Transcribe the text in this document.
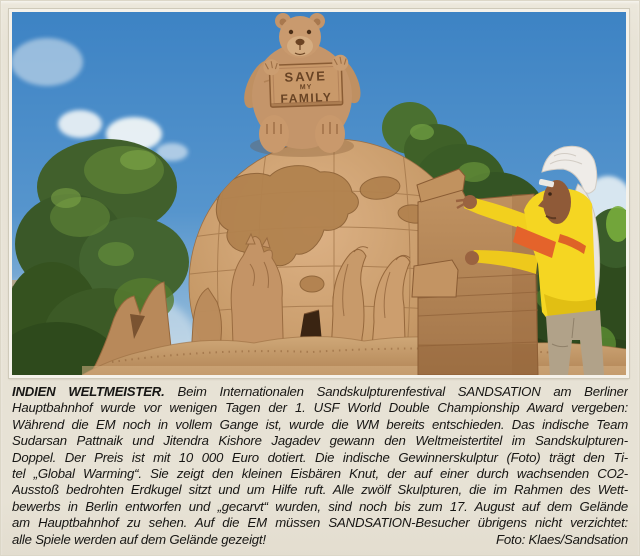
SAVE
MY
FAMILY
INDIEN WELTMEISTER. Beim Internationalen Sandskulpturenfestival SANDSATION am Berliner
Hauptbahnhof wurde vor wenigen Tagen der 1. USF World Double Championship Award vergeben:
Während die EM noch in vollem Gange ist, wurde die WM bereits entschieden. Das indische Team
Sudarsan Pattnaik und Jitendra Kishore Jagadev gewann den Weltmeistertitel im Sandskulpturen-
Doppel. Der Preis ist mit 10 000 Euro dotiert. Die indische Gewinnerskulptur (Foto) trägt den Ti-
tel „Global Warming“. Sie zeigt den kleinen Eisbären Knut, der auf einer durch wachsenden CO2-
Ausstoß bedrohten Erdkugel sitzt und um Hilfe ruft. Alle zwölf Skulpturen, die im Rahmen des Wett-
bewerbs in Berlin entworfen und „gecarvt“ wurden, sind noch bis zum 17. August auf dem Gelände
am Hauptbahnhof zu sehen. Auf die EM müssen SANDSATION-Besucher übrigens nicht verzichtet:
alle Spiele werden auf dem Gelände gezeigt!	Foto: Klaes/Sandsation
